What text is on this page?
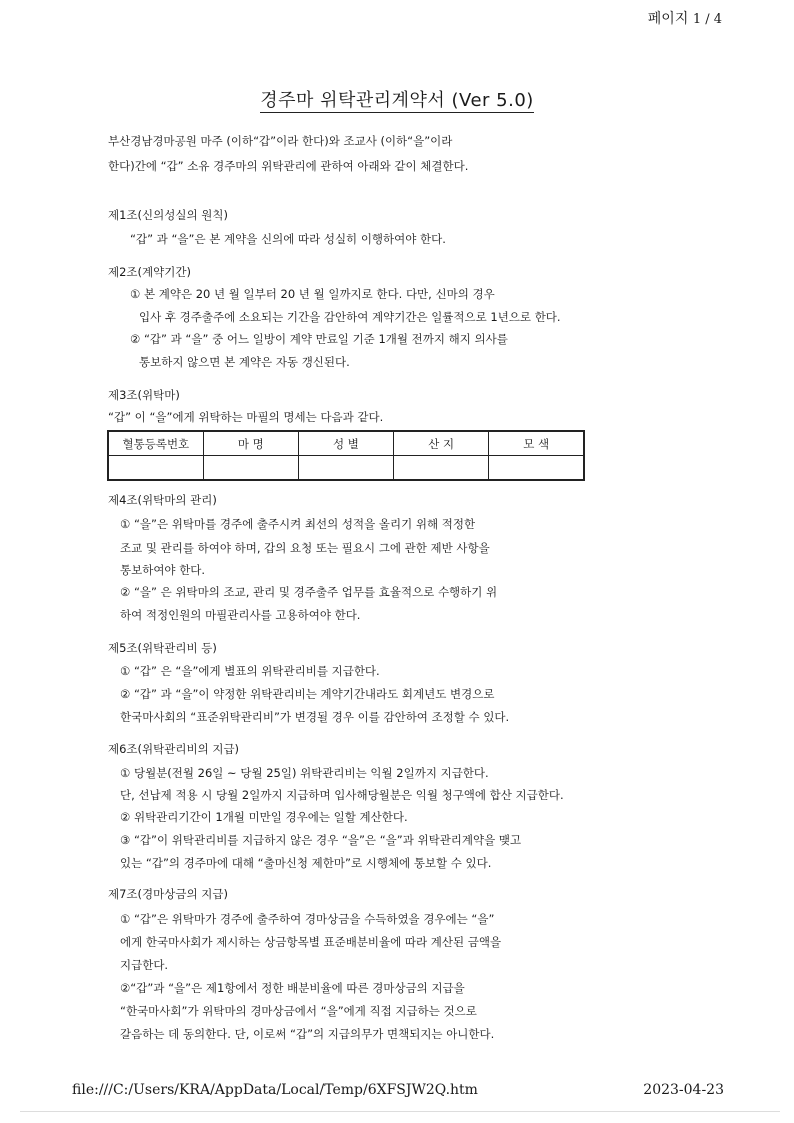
페이지 1 / 4
경주마 위탁관리계약서 (Ver 5.0)
부산경남경마공원 마주 (이하“갑”이라 한다)와 조교사 (이하“을”이라
한다)간에 “갑” 소유 경주마의 위탁관리에 관하여 아래와 같이 체결한다.
제1조(신의성실의 원칙)
“갑” 과 “을”은 본 계약을 신의에 따라 성실히 이행하여야 한다.
제2조(계약기간)
① 본 계약은 20 년 월 일부터 20 년 월 일까지로 한다. 다만, 신마의 경우
입사 후 경주출주에 소요되는 기간을 감안하여 계약기간은 일률적으로 1년으로 한다.
② “갑” 과 “을” 중 어느 일방이 계약 만료일 기준 1개월 전까지 해지 의사를
통보하지 않으면 본 계약은 자동 갱신된다.
제3조(위탁마)
“갑” 이 “을”에게 위탁하는 마필의 명세는 다음과 같다.
혈통등록번호	마 명	성 별	산 지	모 색

제4조(위탁마의 관리)
① “을”은 위탁마를 경주에 출주시켜 최선의 성적을 올리기 위해 적정한
조교 및 관리를 하여야 하며, 갑의 요청 또는 필요시 그에 관한 제반 사항을
통보하여야 한다.
② “을” 은 위탁마의 조교, 관리 및 경주출주 업무를 효율적으로 수행하기 위
하여 적정인원의 마필관리사를 고용하여야 한다.
제5조(위탁관리비 등)
① “갑” 은 “을”에게 별표의 위탁관리비를 지급한다.
② “갑” 과 “을”이 약정한 위탁관리비는 계약기간내라도 회계년도 변경으로
한국마사회의 “표준위탁관리비”가 변경될 경우 이를 감안하여 조정할 수 있다.
제6조(위탁관리비의 지급)
① 당월분(전월 26일 ~ 당월 25일) 위탁관리비는 익월 2일까지 지급한다.
단, 선납제 적용 시 당월 2일까지 지급하며 입사해당월분은 익월 청구액에 합산 지급한다.
② 위탁관리기간이 1개월 미만일 경우에는 일할 계산한다.
③ “갑”이 위탁관리비를 지급하지 않은 경우 “을”은 “을”과 위탁관리계약을 맺고
있는 “갑”의 경주마에 대해 “출마신청 제한마”로 시행체에 통보할 수 있다.
제7조(경마상금의 지급)
① “갑”은 위탁마가 경주에 출주하여 경마상금을 수득하였을 경우에는 “을”
에게 한국마사회가 제시하는 상금항목별 표준배분비율에 따라 계산된 금액을
지급한다.
②“갑”과 “을”은 제1항에서 정한 배분비율에 따른 경마상금의 지급을
“한국마사회”가 위탁마의 경마상금에서 “을”에게 직접 지급하는 것으로
갈음하는 데 동의한다. 단, 이로써 “갑”의 지급의무가 면책되지는 아니한다.
file:///C:/Users/KRA/AppData/Local/Temp/6XFSJW2Q.htm	2023-04-23
